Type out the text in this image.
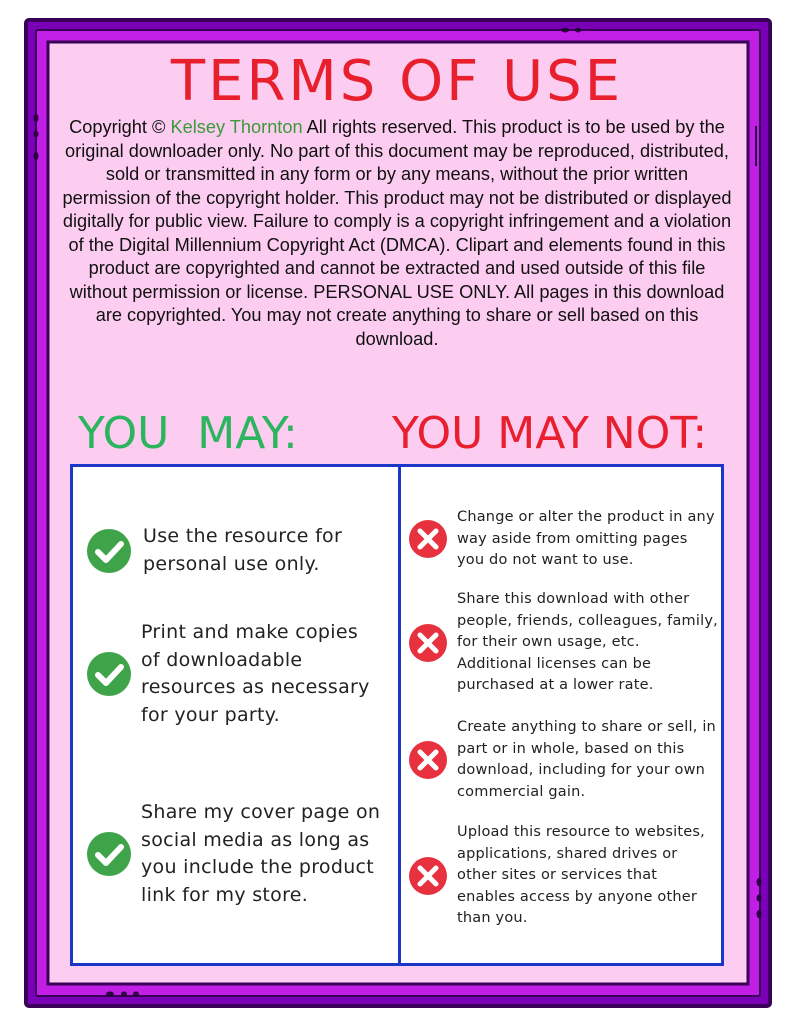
TERMS OF USE
Copyright © Kelsey Thornton All rights reserved. This product is to be used by the original downloader only. No part of this document may be reproduced, distributed, sold or transmitted in any form or by any means, without the prior written permission of the copyright holder. This product may not be distributed or displayed digitally for public view. Failure to comply is a copyright infringement and a violation of the Digital Millennium Copyright Act (DMCA). Clipart and elements found in this product are copyrighted and cannot be extracted and used outside of this file without permission or license. PERSONAL USE ONLY. All pages in this download are copyrighted. You may not create anything to share or sell based on this download.
YOU  MAY: YOU MAY NOT:
Use the resource for personal use only.
Print and make copies of downloadable resources as necessary for your party.
Share my cover page on social media as long as you include the product link for my store.
Change or alter the product in any way aside from omitting pages you do not want to use.
Share this download with other people, friends, colleagues, family, for their own usage, etc. Additional licenses can be purchased at a lower rate.
Create anything to share or sell, in part or in whole, based on this download, including for your own commercial gain.
Upload this resource to websites, applications, shared drives or other sites or services that enables access by anyone other than you.
